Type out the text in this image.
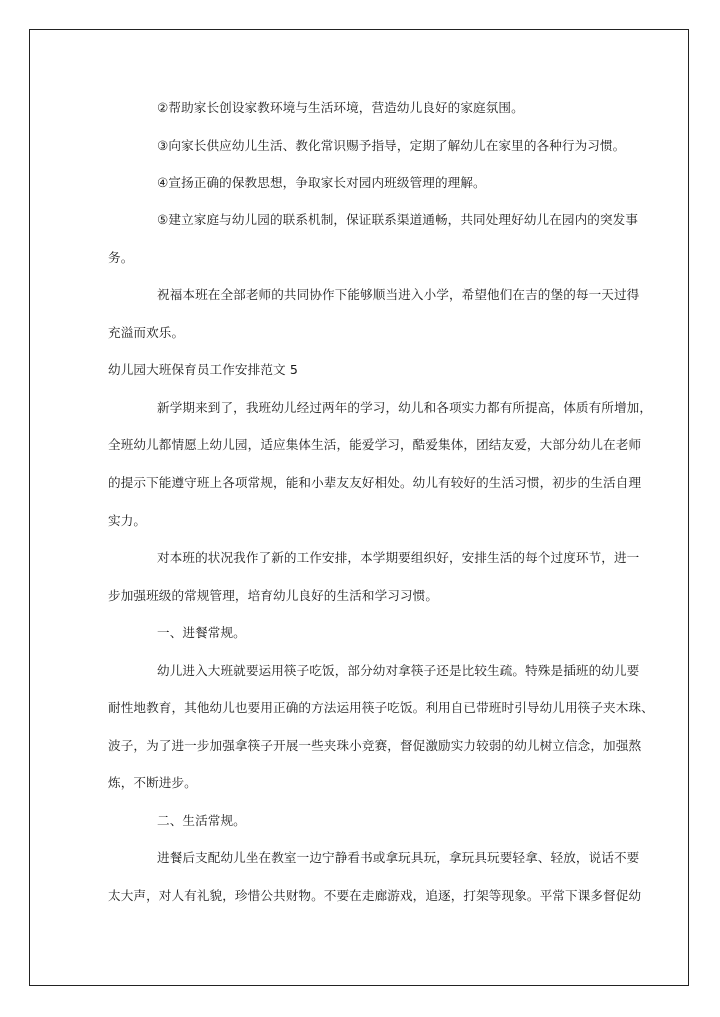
②帮助家长创设家教环境与生活环境，营造幼儿良好的家庭氛围。
③向家长供应幼儿生活、教化常识赐予指导，定期了解幼儿在家里的各种行为习惯。
④宣扬正确的保教思想，争取家长对园内班级管理的理解。
⑤建立家庭与幼儿园的联系机制，保证联系渠道通畅，共同处理好幼儿在园内的突发事
务。
祝福本班在全部老师的共同协作下能够顺当进入小学，希望他们在吉的堡的每一天过得
充溢而欢乐。
幼儿园大班保育员工作安排范文 5
新学期来到了，我班幼儿经过两年的学习，幼儿和各项实力都有所提高，体质有所增加，
全班幼儿都情愿上幼儿园，适应集体生活，能爱学习，酷爱集体，团结友爱，大部分幼儿在老师
的提示下能遵守班上各项常规，能和小辈友友好相处。幼儿有较好的生活习惯，初步的生活自理
实力。
对本班的状况我作了新的工作安排，本学期要组织好，安排生活的每个过度环节，进一
步加强班级的常规管理，培育幼儿良好的生活和学习习惯。
一、进餐常规。
幼儿进入大班就要运用筷子吃饭，部分幼对拿筷子还是比较生疏。特殊是插班的幼儿要
耐性地教育，其他幼儿也要用正确的方法运用筷子吃饭。利用自已带班时引导幼儿用筷子夹木珠、
波子，为了进一步加强拿筷子开展一些夹珠小竞赛，督促激励实力较弱的幼儿树立信念，加强熬
炼，不断进步。
二、生活常规。
进餐后支配幼儿坐在教室一边宁静看书或拿玩具玩，拿玩具玩要轻拿、轻放，说话不要
太大声，对人有礼貌，珍惜公共财物。不要在走廊游戏，追逐，打架等现象。平常下课多督促幼
